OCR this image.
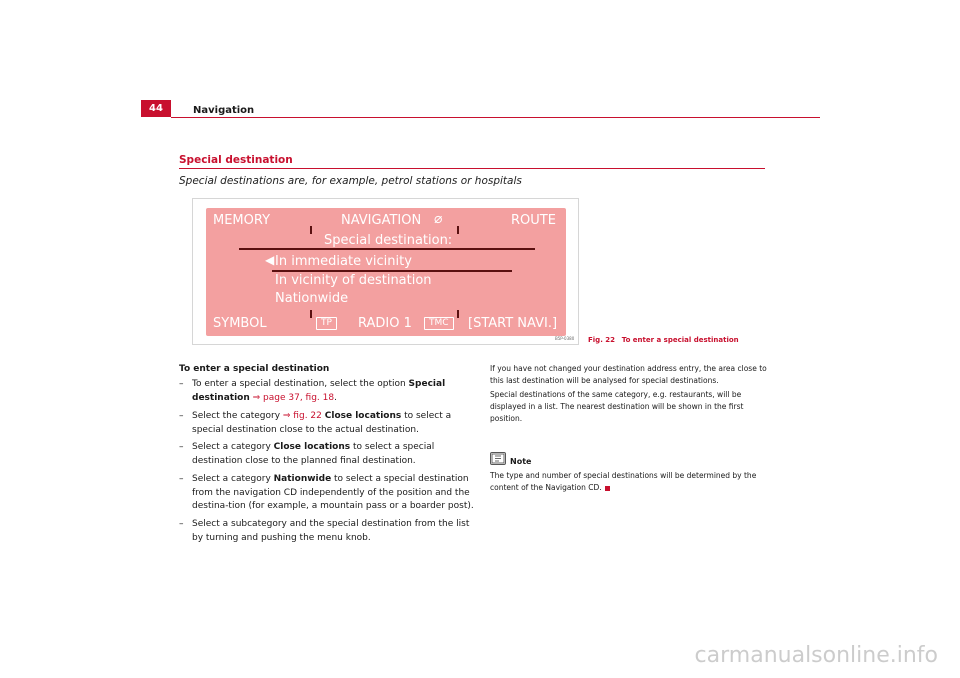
44	Navigation
Special destination
Special destinations are, for example, petrol stations or hospitals
MEMORY	NAVIGATION ⌀	ROUTE
Special destination:
◀ In immediate vicinity
In vicinity of destination
Nationwide
SYMBOL	TP	RADIO 1	TMC	[START NAVI.]
B5P-0380 Fig. 22 To enter a special destination
To enter a special destination
– To enter a special destination, select the option Special destination ⇒ page 37, fig. 18.
– Select the category ⇒ fig. 22 Close locations to select a special destination close to the actual destination.
– Select a category Close locations to select a special destination close to the planned final destination.
– Select a category Nationwide to select a special destination from the navigation CD independently of the position and the destina-tion (for example, a mountain pass or a boarder post).
– Select a subcategory and the special destination from the list by turning and pushing the menu knob.
If you have not changed your destination address entry, the area close to this last destination will be analysed for special destinations.
Special destinations of the same category, e.g. restaurants, will be displayed in a list. The nearest destination will be shown in the first position.
Note
The type and number of special destinations will be determined by the content of the Navigation CD.
carmanualsonline.info
